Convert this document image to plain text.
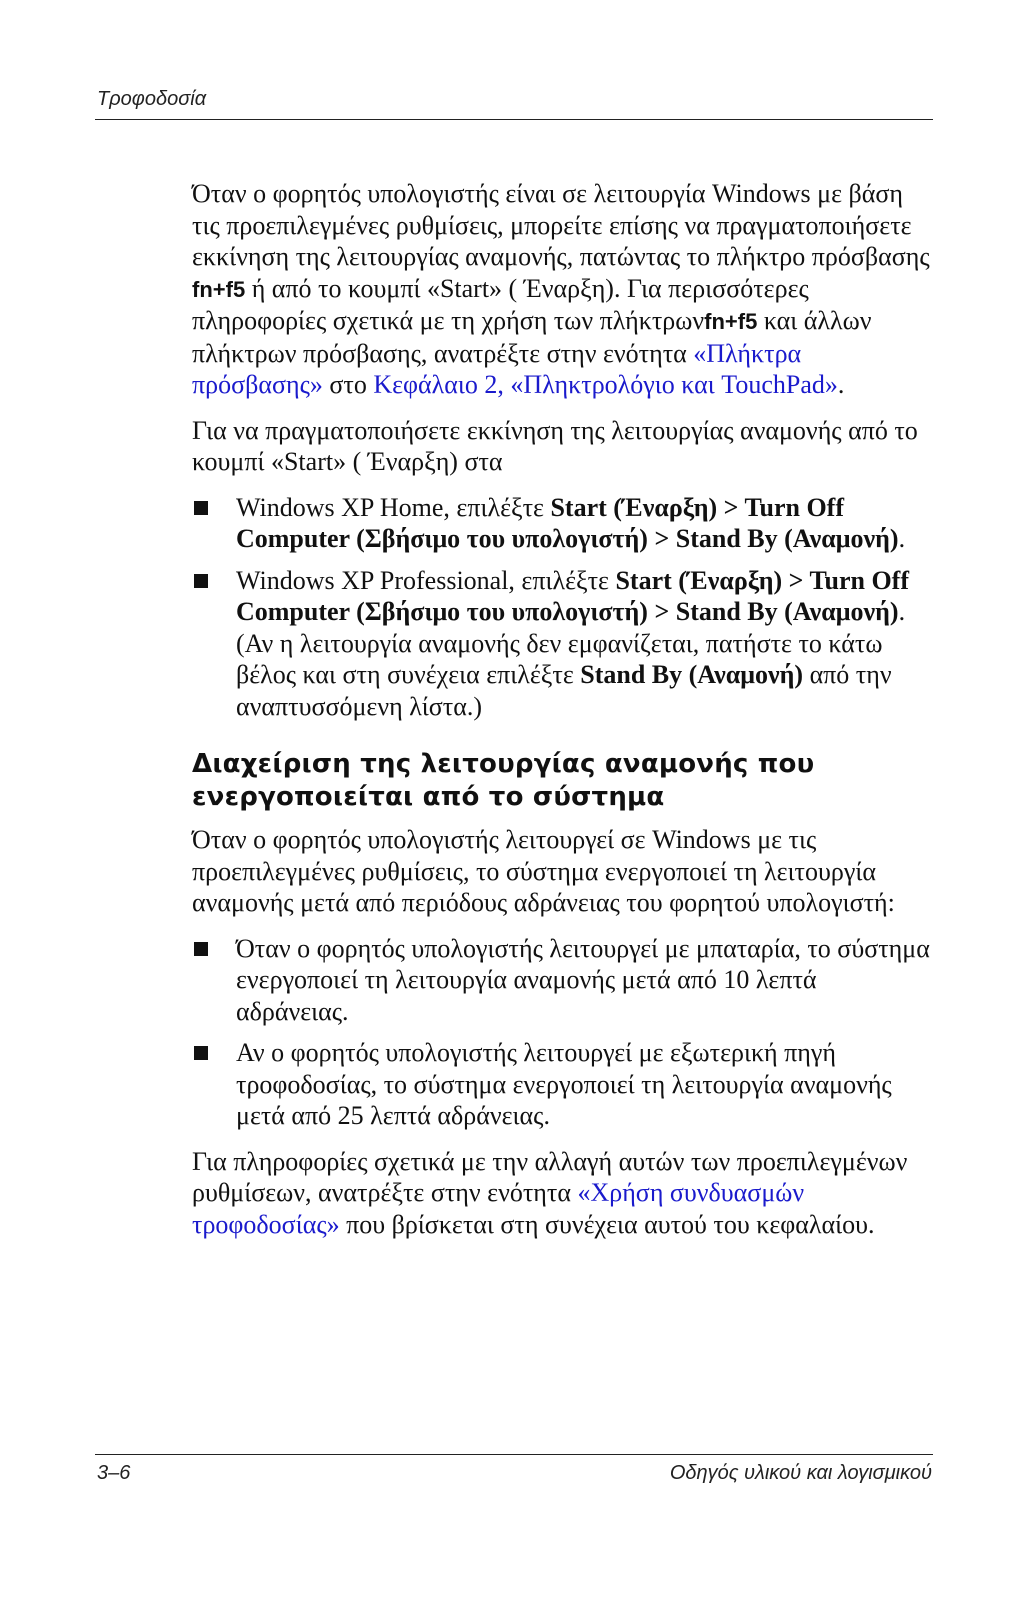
Τροφοδοσία

Όταν ο φορητός υπολογιστής είναι σε λειτουργία Windows με βάση τις προεπιλεγμένες ρυθμίσεις, μπορείτε επίσης να πραγματοποιήσετε εκκίνηση της λειτουργίας αναμονής, πατώντας το πλήκτρο πρόσβασης fn+f5 ή από το κουμπί «Start» ( Έναρξη). Για περισσότερες πληροφορίες σχετικά με τη χρήση των πλήκτρωνfn+f5 και άλλων πλήκτρων πρόσβασης, ανατρέξτε στην ενότητα «Πλήκτρα πρόσβασης» στο Κεφάλαιο 2, «Πληκτρολόγιο και TouchPad».

Για να πραγματοποιήσετε εκκίνηση της λειτουργίας αναμονής από το κουμπί «Start» ( Έναρξη) στα

Windows XP Home, επιλέξτε Start (Έναρξη) > Turn Off Computer (Σβήσιμο του υπολογιστή) > Stand By (Αναμονή).
Windows XP Professional, επιλέξτε Start (Έναρξη) > Turn Off Computer (Σβήσιμο του υπολογιστή) > Stand By (Αναμονή). (Αν η λειτουργία αναμονής δεν εμφανίζεται, πατήστε το κάτω βέλος και στη συνέχεια επιλέξτε Stand By (Αναμονή) από την αναπτυσσόμενη λίστα.)
Διαχείριση της λειτουργίας αναμονής που ενεργοποιείται από το σύστημα

Όταν ο φορητός υπολογιστής λειτουργεί σε Windows με τις προεπιλεγμένες ρυθμίσεις, το σύστημα ενεργοποιεί τη λειτουργία αναμονής μετά από περιόδους αδράνειας του φορητού υπολογιστή:

Όταν ο φορητός υπολογιστής λειτουργεί με μπαταρία, το σύστημα ενεργοποιεί τη λειτουργία αναμονής μετά από 10 λεπτά αδράνειας.
Αν ο φορητός υπολογιστής λειτουργεί με εξωτερική πηγή τροφοδοσίας, το σύστημα ενεργοποιεί τη λειτουργία αναμονής μετά από 25 λεπτά αδράνειας.

Για πληροφορίες σχετικά με την αλλαγή αυτών των προεπιλεγμένων ρυθμίσεων, ανατρέξτε στην ενότητα «Χρήση συνδυασμών τροφοδοσίας» που βρίσκεται στη συνέχεια αυτού του κεφαλαίου.

3–6	Οδηγός υλικού και λογισμικού
